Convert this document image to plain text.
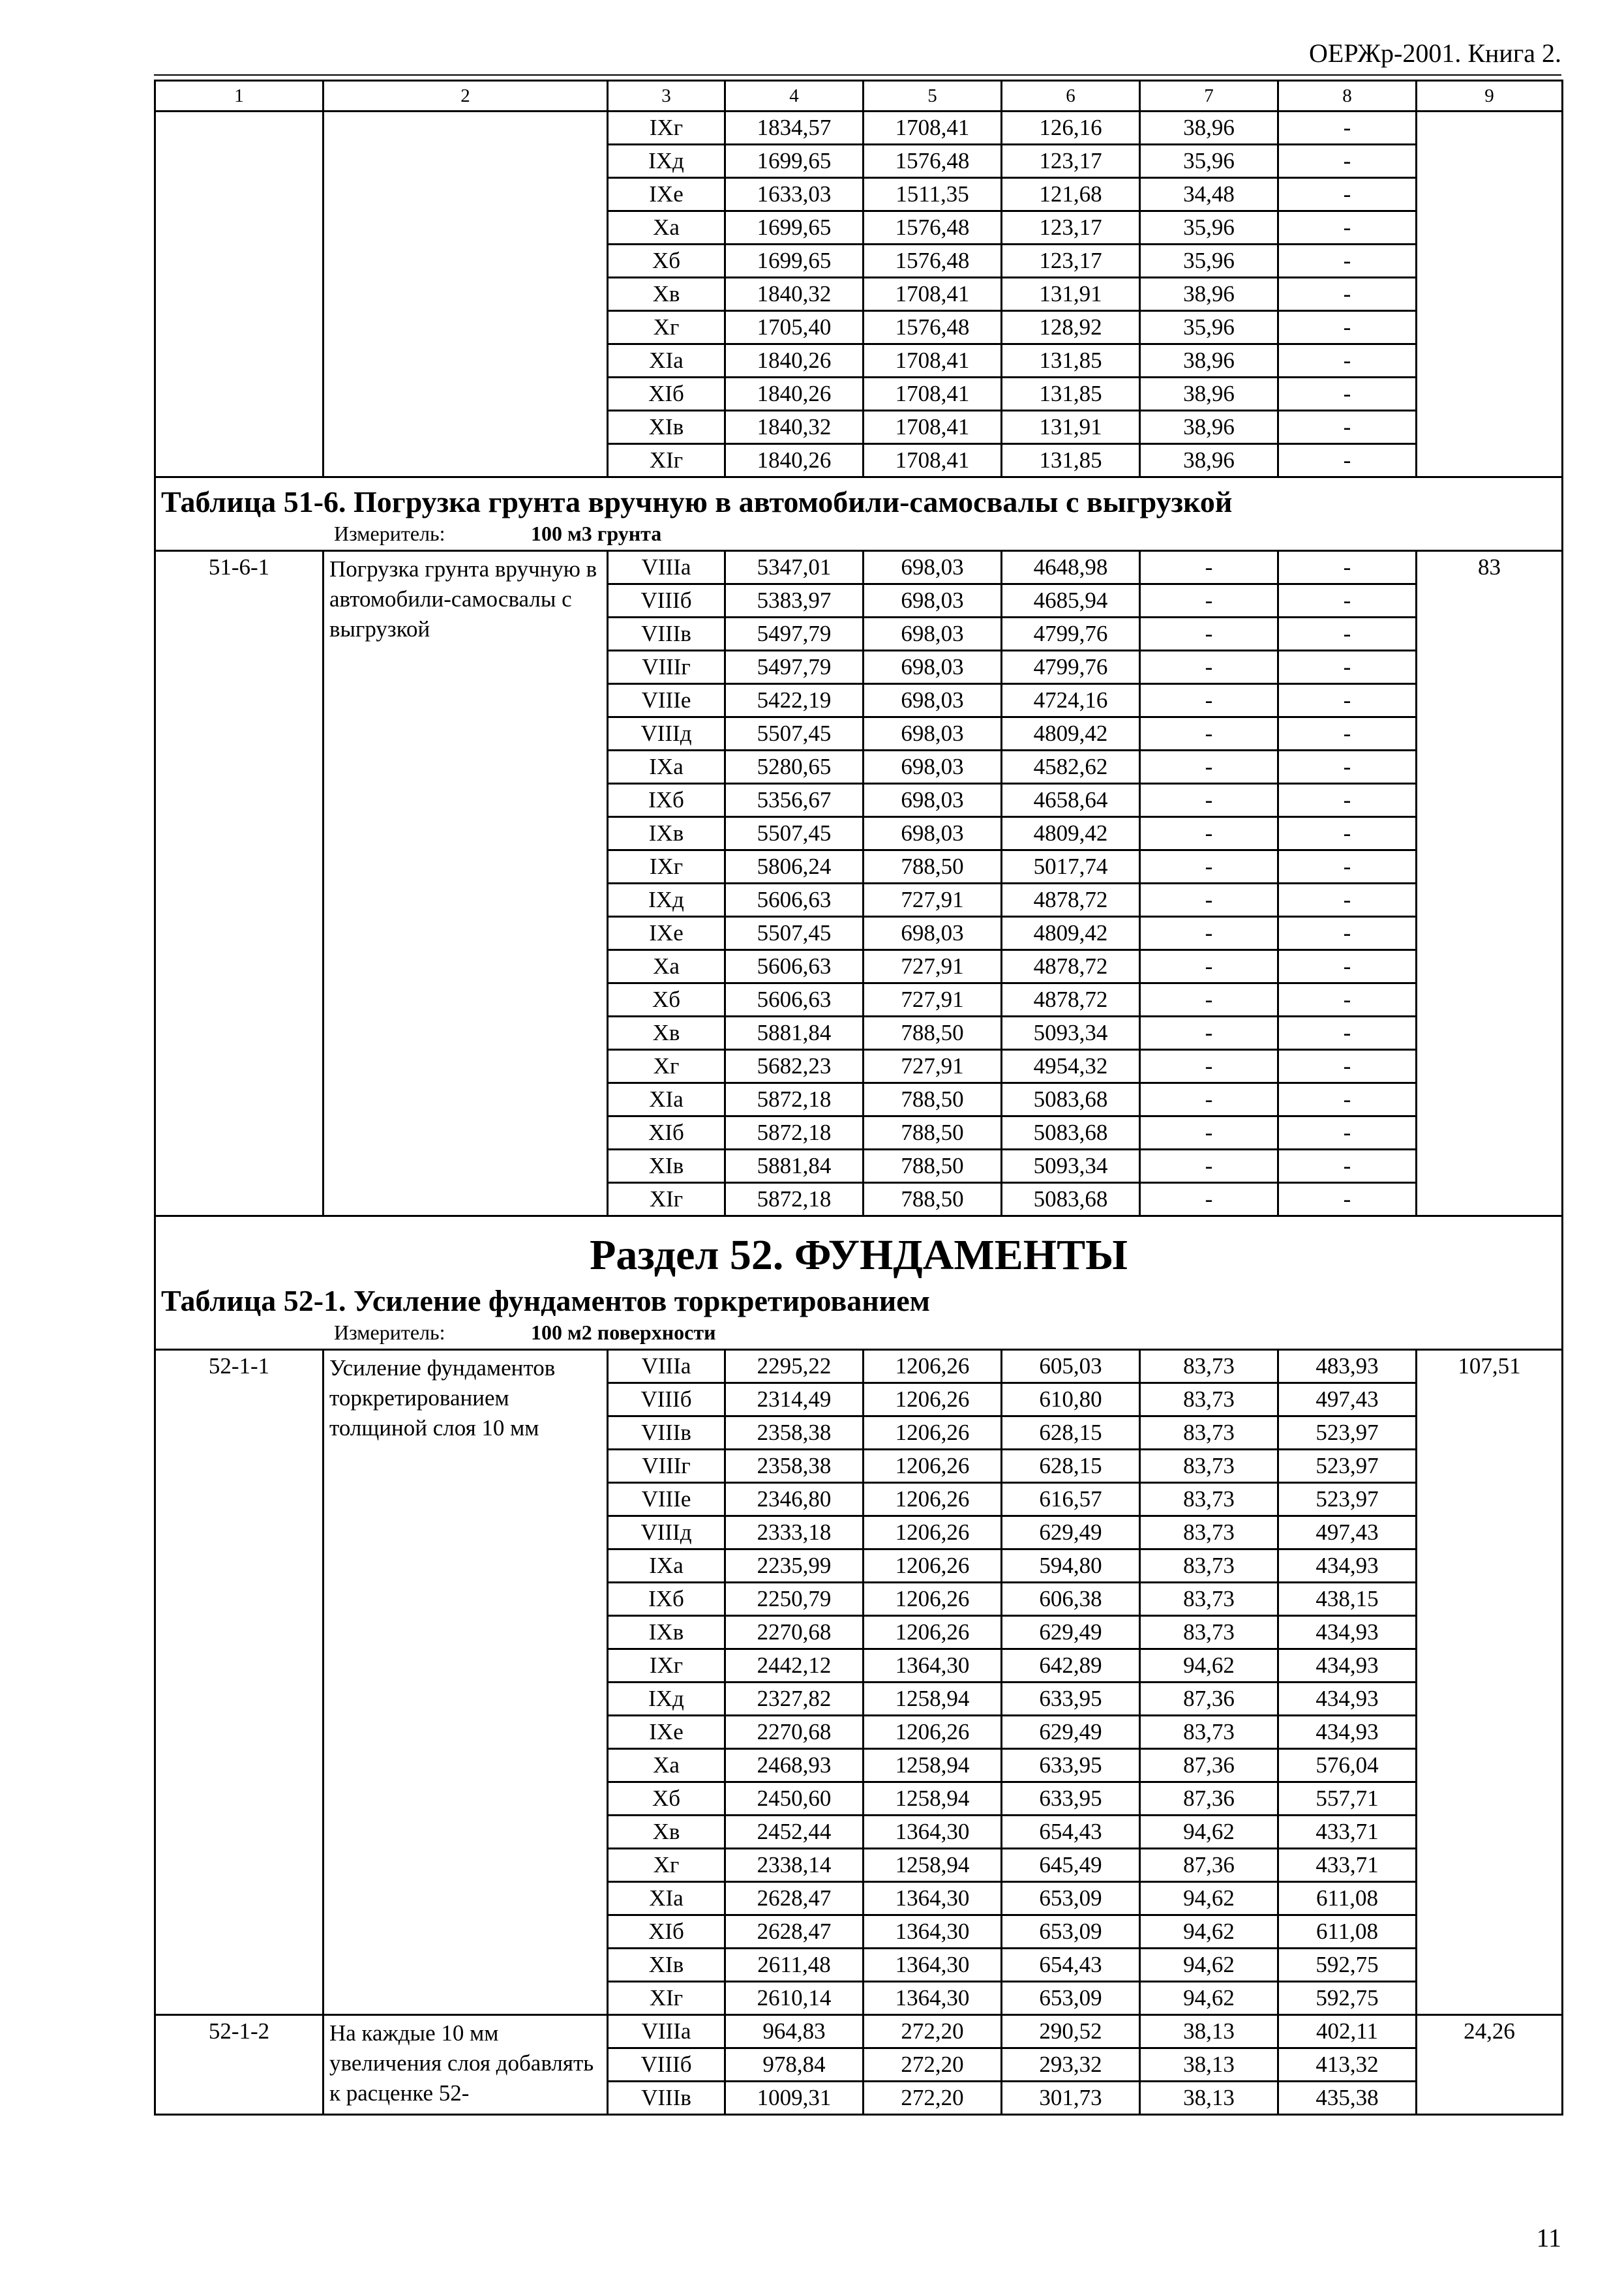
ОЕРЖр-2001. Книга 2.
1	2	3	4	5	6	7	8	9
		IXг	1834,57	1708,41	126,16	38,96	-	
		IXд	1699,65	1576,48	123,17	35,96	-	
		IXе	1633,03	1511,35	121,68	34,48	-	
		Xа	1699,65	1576,48	123,17	35,96	-	
		Xб	1699,65	1576,48	123,17	35,96	-	
		Xв	1840,32	1708,41	131,91	38,96	-	
		Xг	1705,40	1576,48	128,92	35,96	-	
		XIа	1840,26	1708,41	131,85	38,96	-	
		XIб	1840,26	1708,41	131,85	38,96	-	
		XIв	1840,32	1708,41	131,91	38,96	-	
		XIг	1840,26	1708,41	131,85	38,96	-	

Таблица 51-6. Погрузка грунта вручную в автомобили-самосвалы с выгрузкой
Измеритель: 100 м3 грунта								

51-6-1	Погрузка грунта вручную в автомобили-самосвалы с выгрузкой	VIIIа	5347,01	698,03	4648,98	-	-	83
		VIIIб	5383,97	698,03	4685,94	-	-	
		VIIIв	5497,79	698,03	4799,76	-	-	
		VIIIг	5497,79	698,03	4799,76	-	-	
		VIIIе	5422,19	698,03	4724,16	-	-	
		VIIIд	5507,45	698,03	4809,42	-	-	
		IXа	5280,65	698,03	4582,62	-	-	
		IXб	5356,67	698,03	4658,64	-	-	
		IXв	5507,45	698,03	4809,42	-	-	
		IXг	5806,24	788,50	5017,74	-	-	
		IXд	5606,63	727,91	4878,72	-	-	
		IXе	5507,45	698,03	4809,42	-	-	
		Xа	5606,63	727,91	4878,72	-	-	
		Xб	5606,63	727,91	4878,72	-	-	
		Xв	5881,84	788,50	5093,34	-	-	
		Xг	5682,23	727,91	4954,32	-	-	
		XIа	5872,18	788,50	5083,68	-	-	
		XIб	5872,18	788,50	5083,68	-	-	
		XIв	5881,84	788,50	5093,34	-	-	
		XIг	5872,18	788,50	5083,68	-	-	

Раздел 52. ФУНДАМЕНТЫ
Таблица 52-1. Усиление фундаментов торкретированием
Измеритель: 100 м2 поверхности								

52-1-1	Усиление фундаментов торкретированием толщиной слоя 10 мм	VIIIа	2295,22	1206,26	605,03	83,73	483,93	107,51
		VIIIб	2314,49	1206,26	610,80	83,73	497,43	
		VIIIв	2358,38	1206,26	628,15	83,73	523,97	
		VIIIг	2358,38	1206,26	628,15	83,73	523,97	
		VIIIе	2346,80	1206,26	616,57	83,73	523,97	
		VIIIд	2333,18	1206,26	629,49	83,73	497,43	
		IXа	2235,99	1206,26	594,80	83,73	434,93	
		IXб	2250,79	1206,26	606,38	83,73	438,15	
		IXв	2270,68	1206,26	629,49	83,73	434,93	
		IXг	2442,12	1364,30	642,89	94,62	434,93	
		IXд	2327,82	1258,94	633,95	87,36	434,93	
		IXе	2270,68	1206,26	629,49	83,73	434,93	
		Xа	2468,93	1258,94	633,95	87,36	576,04	
		Xб	2450,60	1258,94	633,95	87,36	557,71	
		Xв	2452,44	1364,30	654,43	94,62	433,71	
		Xг	2338,14	1258,94	645,49	87,36	433,71	
		XIа	2628,47	1364,30	653,09	94,62	611,08	
		XIб	2628,47	1364,30	653,09	94,62	611,08	
		XIв	2611,48	1364,30	654,43	94,62	592,75	
		XIг	2610,14	1364,30	653,09	94,62	592,75	
52-1-2	На каждые 10 мм увеличения слоя добавлять к расценке 52-	VIIIа	964,83	272,20	290,52	38,13	402,11	24,26
		VIIIб	978,84	272,20	293,32	38,13	413,32	
		VIIIв	1009,31	272,20	301,73	38,13	435,38	
11
